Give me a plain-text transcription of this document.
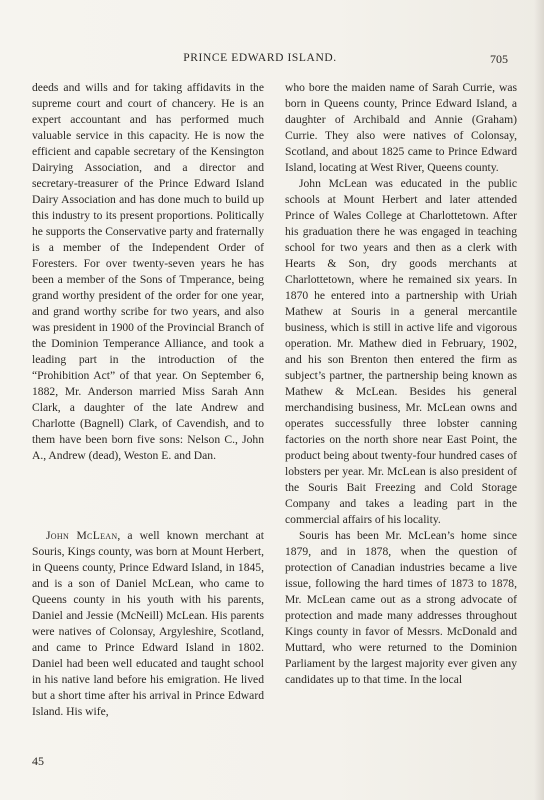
PRINCE EDWARD ISLAND.	705

deeds and wills and for taking affidavits in the supreme court and court of chancery. He is an expert accountant and has performed much valuable service in this capacity. He is now the efficient and capable secretary of the Kensington Dairying Association, and a director and secretary-treasurer of the Prince Edward Island Dairy Association and has done much to build up this industry to its present proportions. Politically he supports the Conservative party and fraternally is a member of the Independent Order of Foresters. For over twenty-seven years he has been a member of the Sons of Tmperance, being grand worthy president of the order for one year, and grand worthy scribe for two years, and also was president in 1900 of the Provincial Branch of the Dominion Temperance Alliance, and took a leading part in the introduction of the “Prohibition Act” of that year. On September 6, 1882, Mr. Anderson married Miss Sarah Ann Clark, a daughter of the late Andrew and Charlotte (Bagnell) Clark, of Cavendish, and to them have been born five sons: Nelson C., John A., Andrew (dead), Weston E. and Dan.

John McLean, a well known merchant at Souris, Kings county, was born at Mount Herbert, in Queens county, Prince Edward Island, in 1845, and is a son of Daniel McLean, who came to Queens county in his youth with his parents, Daniel and Jessie (McNeill) McLean. His parents were natives of Colonsay, Argyleshire, Scotland, and came to Prince Edward Island in 1802. Daniel had been well educated and taught school in his native land before his emigration. He lived but a short time after his arrival in Prince Edward Island. His wife,

who bore the maiden name of Sarah Currie, was born in Queens county, Prince Edward Island, a daughter of Archibald and Annie (Graham) Currie. They also were natives of Colonsay, Scotland, and about 1825 came to Prince Edward Island, locating at West River, Queens county.

John McLean was educated in the public schools at Mount Herbert and later attended Prince of Wales College at Charlottetown. After his graduation there he was engaged in teaching school for two years and then as a clerk with Hearts & Son, dry goods merchants at Charlottetown, where he remained six years. In 1870 he entered into a partnership with Uriah Mathew at Souris in a general mercantile business, which is still in active life and vigorous operation. Mr. Mathew died in February, 1902, and his son Brenton then entered the firm as subject’s partner, the partnership being known as Mathew & McLean. Besides his general merchandising business, Mr. McLean owns and operates successfully three lobster canning factories on the north shore near East Point, the product being about twenty-four hundred cases of lobsters per year. Mr. McLean is also president of the Souris Bait Freezing and Cold Storage Company and takes a leading part in the commercial affairs of his locality.

Souris has been Mr. McLean’s home since 1879, and in 1878, when the question of protection of Canadian industries became a live issue, following the hard times of 1873 to 1878, Mr. McLean came out as a strong advocate of protection and made many addresses throughout Kings county in favor of Messrs. McDonald and Muttard, who were returned to the Dominion Parliament by the largest majority ever given any candidates up to that time. In the local

45
